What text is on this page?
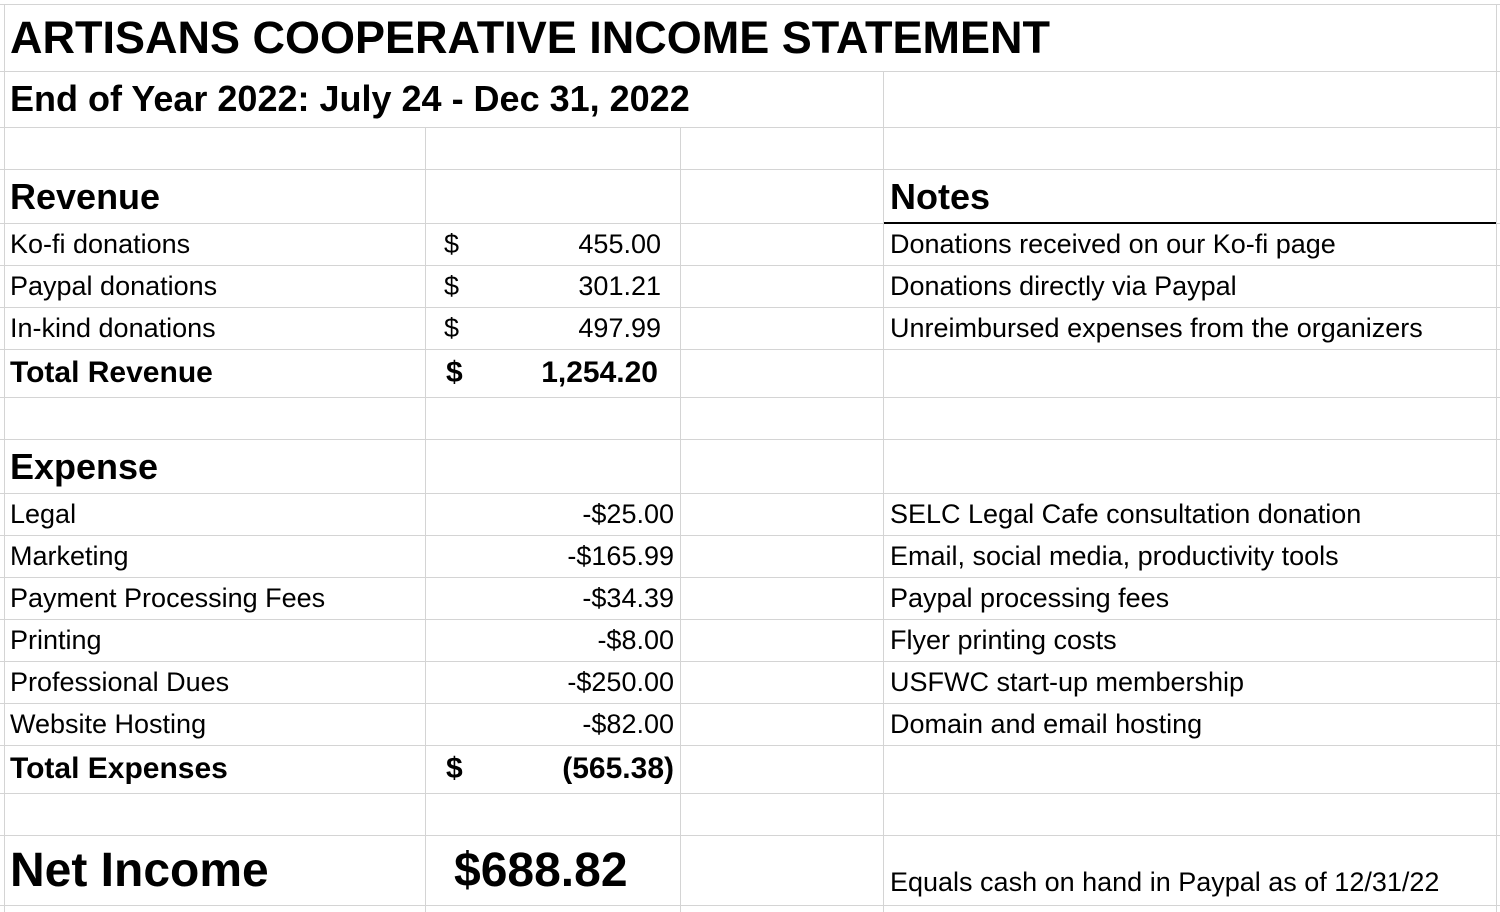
ARTISANS COOPERATIVE INCOME STATEMENT
End of Year 2022: July 24 - Dec 31, 2022
Revenue	Notes
Ko-fi donations	$	455.00	Donations received on our Ko-fi page
Paypal donations	$	301.21	Donations directly via Paypal
In-kind donations	$	497.99	Unreimbursed expenses from the organizers
Total Revenue	$	1,254.20
Expense
Legal	-$25.00	SELC Legal Cafe consultation donation
Marketing	-$165.99	Email, social media, productivity tools
Payment Processing Fees	-$34.39	Paypal processing fees
Printing	-$8.00	Flyer printing costs
Professional Dues	-$250.00	USFWC start-up membership
Website Hosting	-$82.00	Domain and email hosting
Total Expenses	$	(565.38)
Net Income	$688.82	Equals cash on hand in Paypal as of 12/31/22
